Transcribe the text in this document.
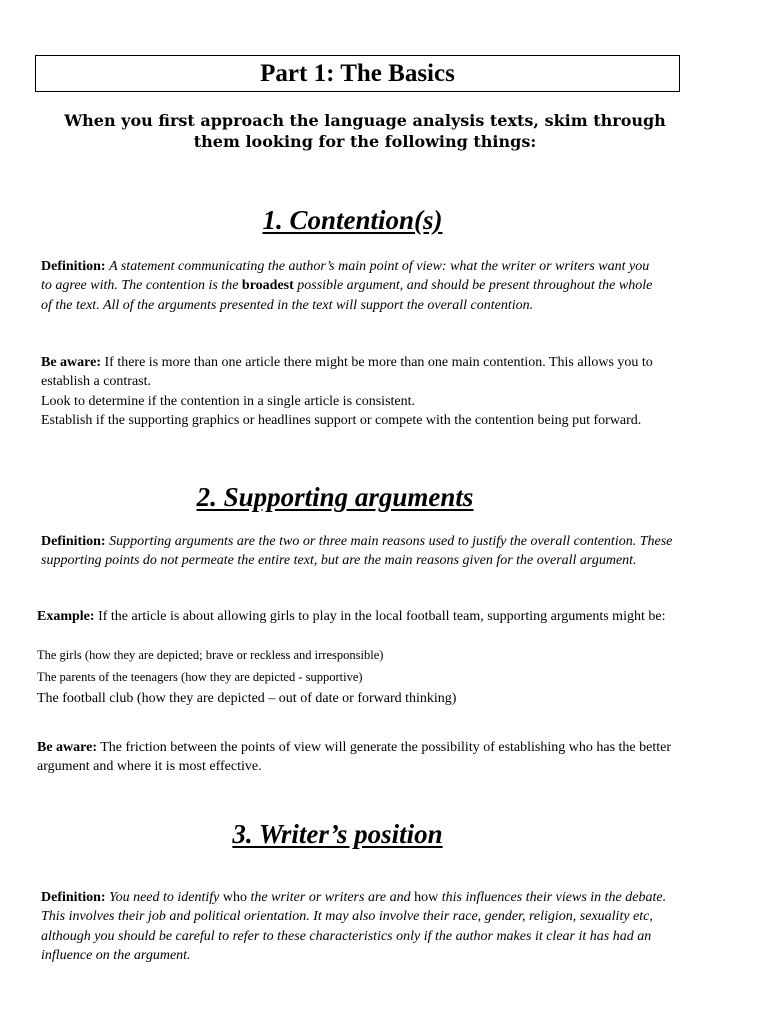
Part 1: The Basics
When you first approach the language analysis texts, skim through them looking for the following things:
1. Contention(s)

Definition: A statement communicating the author’s main point of view: what the writer or writers want you to agree with. The contention is the broadest possible argument, and should be present throughout the whole of the text. All of the arguments presented in the text will support the overall contention.

Be aware: If there is more than one article there might be more than one main contention. This allows you to establish a contrast.
Look to determine if the contention in a single article is consistent.
Establish if the supporting graphics or headlines support or compete with the contention being put forward.

2. Supporting arguments

Definition: Supporting arguments are the two or three main reasons used to justify the overall contention. These supporting points do not permeate the entire text, but are the main reasons given for the overall argument.

Example: If the article is about allowing girls to play in the local football team, supporting arguments might be:

The girls (how they are depicted; brave or reckless and irresponsible)
The parents of the teenagers (how they are depicted - supportive)
The football club (how they are depicted – out of date or forward thinking)

Be aware: The friction between the points of view will generate the possibility of establishing who has the better argument and where it is most effective.

3. Writer’s position

Definition: You need to identify who the writer or writers are and how this influences their views in the debate. This involves their job and political orientation. It may also involve their race, gender, religion, sexuality etc, although you should be careful to refer to these characteristics only if the author makes it clear it has had an influence on the argument.
